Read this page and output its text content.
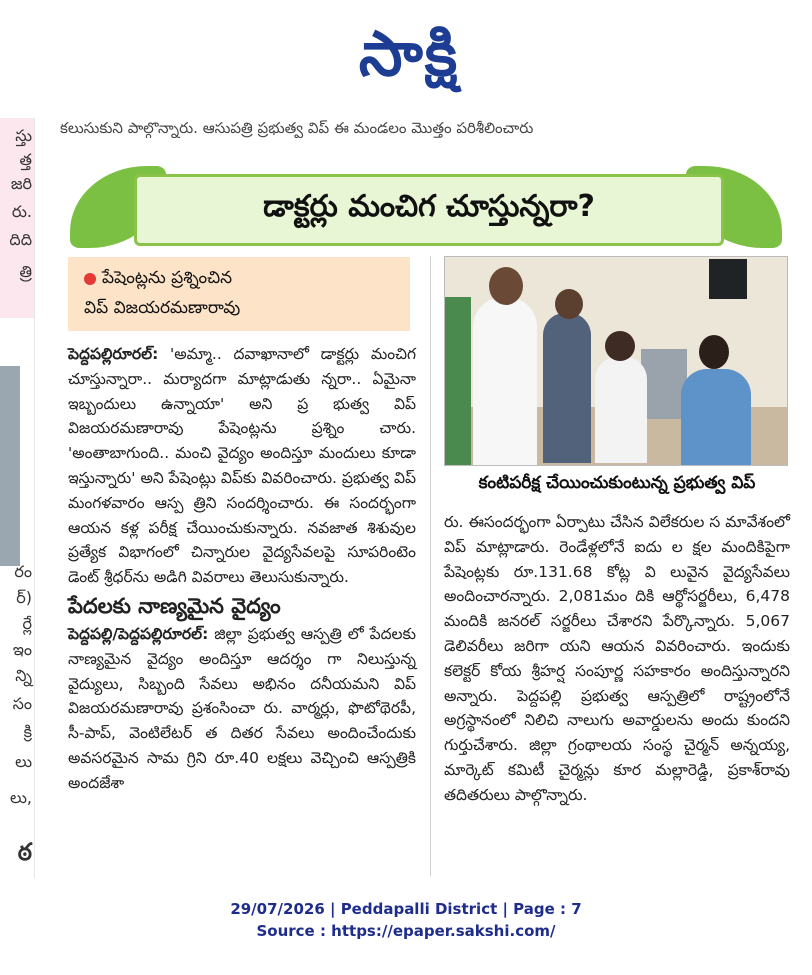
సాక్షి
స్తు
త్త
జరి
రు.
దిది
త్రి
రం
ర్)
ర్లే
ఇం
న్ని
సం
క్రి
లు
లు,
ఠ
కలుసుకుని పాల్గొన్నారు. ఆసుపత్రి ప్రభుత్వ విప్ ఈ మండలం మొత్తం పరిశీలించారు
డాక్టర్లు మంచిగ చూస్తున్నరా?
పేషెంట్లను ప్రశ్నించిన
విప్ విజయరమణారావు

పెద్దపల్లిరూరల్: 'అమ్మా.. దవాఖానాలో డాక్టర్లు మంచిగ చూస్తున్నారా.. మర్యాదగా మాట్లాడుతు న్నరా.. ఏమైనా ఇబ్బందులు ఉన్నాయా' అని ప్ర భుత్వ విప్ విజయరమణారావు పేషెంట్లను ప్రశ్నిం చారు. 'అంతాబాగుంది.. మంచి వైద్యం అందిస్తూ మందులు కూడా ఇస్తున్నారు' అని పేషెంట్లు విప్‌కు వివరించారు. ప్రభుత్వ విప్ మంగళవారం ఆస్ప త్రిని సందర్శించారు. ఈ సందర్భంగా ఆయన కళ్ల పరీక్ష చేయించుకున్నారు. నవజాత శిశువుల ప్రత్యేక విభాగంలో చిన్నారుల వైద్యసేవలపై సూపరింటెం డెంట్ శ్రీధర్‌ను అడిగి వివరాలు తెలుసుకున్నారు.

పేదలకు నాణ్యమైన వైద్యం

పెద్దపల్లి/పెద్దపల్లిరూరల్: జిల్లా ప్రభుత్వ ఆస్పత్రి లో పేదలకు నాణ్యమైన వైద్యం అందిస్తూ ఆదర్శం గా నిలుస్తున్న వైద్యులు, సిబ్బంది సేవలు అభినం దనీయమని విప్ విజయరమణారావు ప్రశంసించా రు. వార్మర్లు, ఫొటోథెరపీ, సీ-పాప్, వెంటిలేటర్ త దితర సేవలు అందించేందుకు అవసరమైన సామ గ్రిని రూ.40 లక్షలు వెచ్చించి ఆస్పత్రికి అందజేశా

కంటిపరీక్ష చేయించుకుంటున్న ప్రభుత్వ విప్

రు. ఈసందర్భంగా ఏర్పాటు చేసిన విలేకరుల స మావేశంలో విప్ మాట్లాడారు. రెండేళ్లలోనే ఐదు ల క్షల మందికిపైగా పేషెంట్లకు రూ.131.68 కోట్ల వి లువైన వైద్యసేవలు అందించారన్నారు. 2,081మం దికి ఆర్థోసర్జరీలు, 6,478 మందికి జనరల్ సర్జరీలు చేశారని పేర్కొన్నారు. 5,067 డెలివరీలు జరిగా యని ఆయన వివరించారు. ఇందుకు కలెక్టర్ కోయ శ్రీహర్ష సంపూర్ణ సహకారం అందిస్తున్నారని అన్నారు. పెద్దపల్లి ప్రభుత్వ ఆస్పత్రిలో రాష్ట్రంలోనే అగ్రస్థానంలో నిలిచి నాలుగు అవార్డులను అందు కుందని గుర్తుచేశారు. జిల్లా గ్రంథాలయ సంస్థ చైర్మన్ అన్నయ్య, మార్కెట్ కమిటీ చైర్మన్లు కూర మల్లారెడ్డి, ప్రకాశ్‌రావు తదితరులు పాల్గొన్నారు.

29/07/2026 | Peddapalli District | Page : 7
Source : https://epaper.sakshi.com/
